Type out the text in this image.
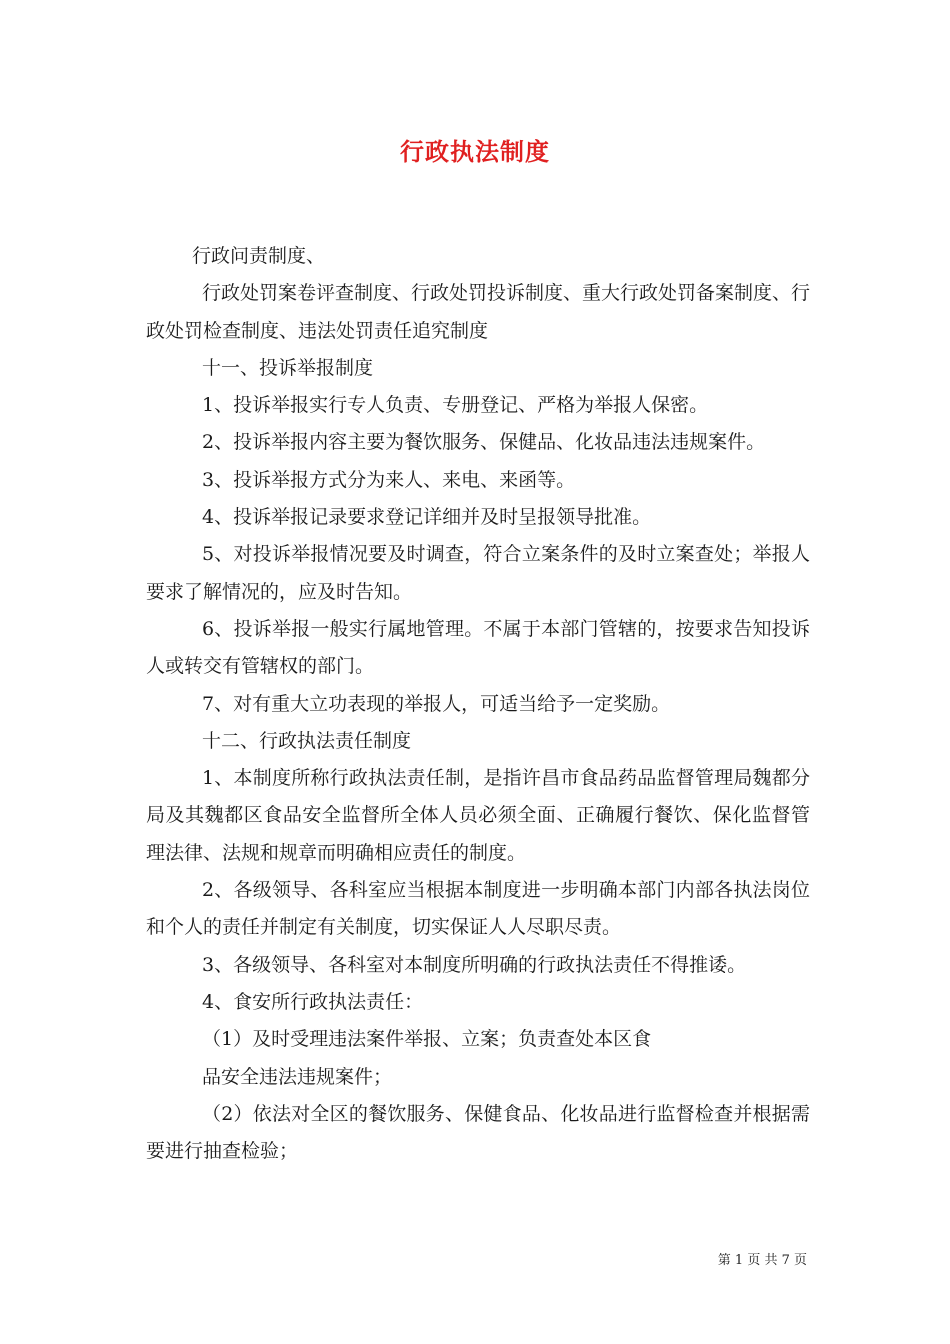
行政执法制度

行政问责制度、

行政处罚案卷评查制度、行政处罚投诉制度、重大行政处罚备案制度、行政处罚检查制度、违法处罚责任追究制度

十一、投诉举报制度

1、投诉举报实行专人负责、专册登记、严格为举报人保密。

2、投诉举报内容主要为餐饮服务、保健品、化妆品违法违规案件。

3、投诉举报方式分为来人、来电、来函等。

4、投诉举报记录要求登记详细并及时呈报领导批准。

5、对投诉举报情况要及时调查，符合立案条件的及时立案查处；举报人要求了解情况的，应及时告知。

6、投诉举报一般实行属地管理。不属于本部门管辖的，按要求告知投诉人或转交有管辖权的部门。

7、对有重大立功表现的举报人，可适当给予一定奖励。

十二、行政执法责任制度

1、本制度所称行政执法责任制，是指许昌市食品药品监督管理局魏都分局及其魏都区食品安全监督所全体人员必须全面、正确履行餐饮、保化监督管理法律、法规和规章而明确相应责任的制度。

2、各级领导、各科室应当根据本制度进一步明确本部门内部各执法岗位和个人的责任并制定有关制度，切实保证人人尽职尽责。

3、各级领导、各科室对本制度所明确的行政执法责任不得推诿。

4、食安所行政执法责任：

（1）及时受理违法案件举报、立案；负责查处本区食

品安全违法违规案件；

（2）依法对全区的餐饮服务、保健食品、化妆品进行监督检查并根据需要进行抽查检验；

第 1 页 共 7 页
